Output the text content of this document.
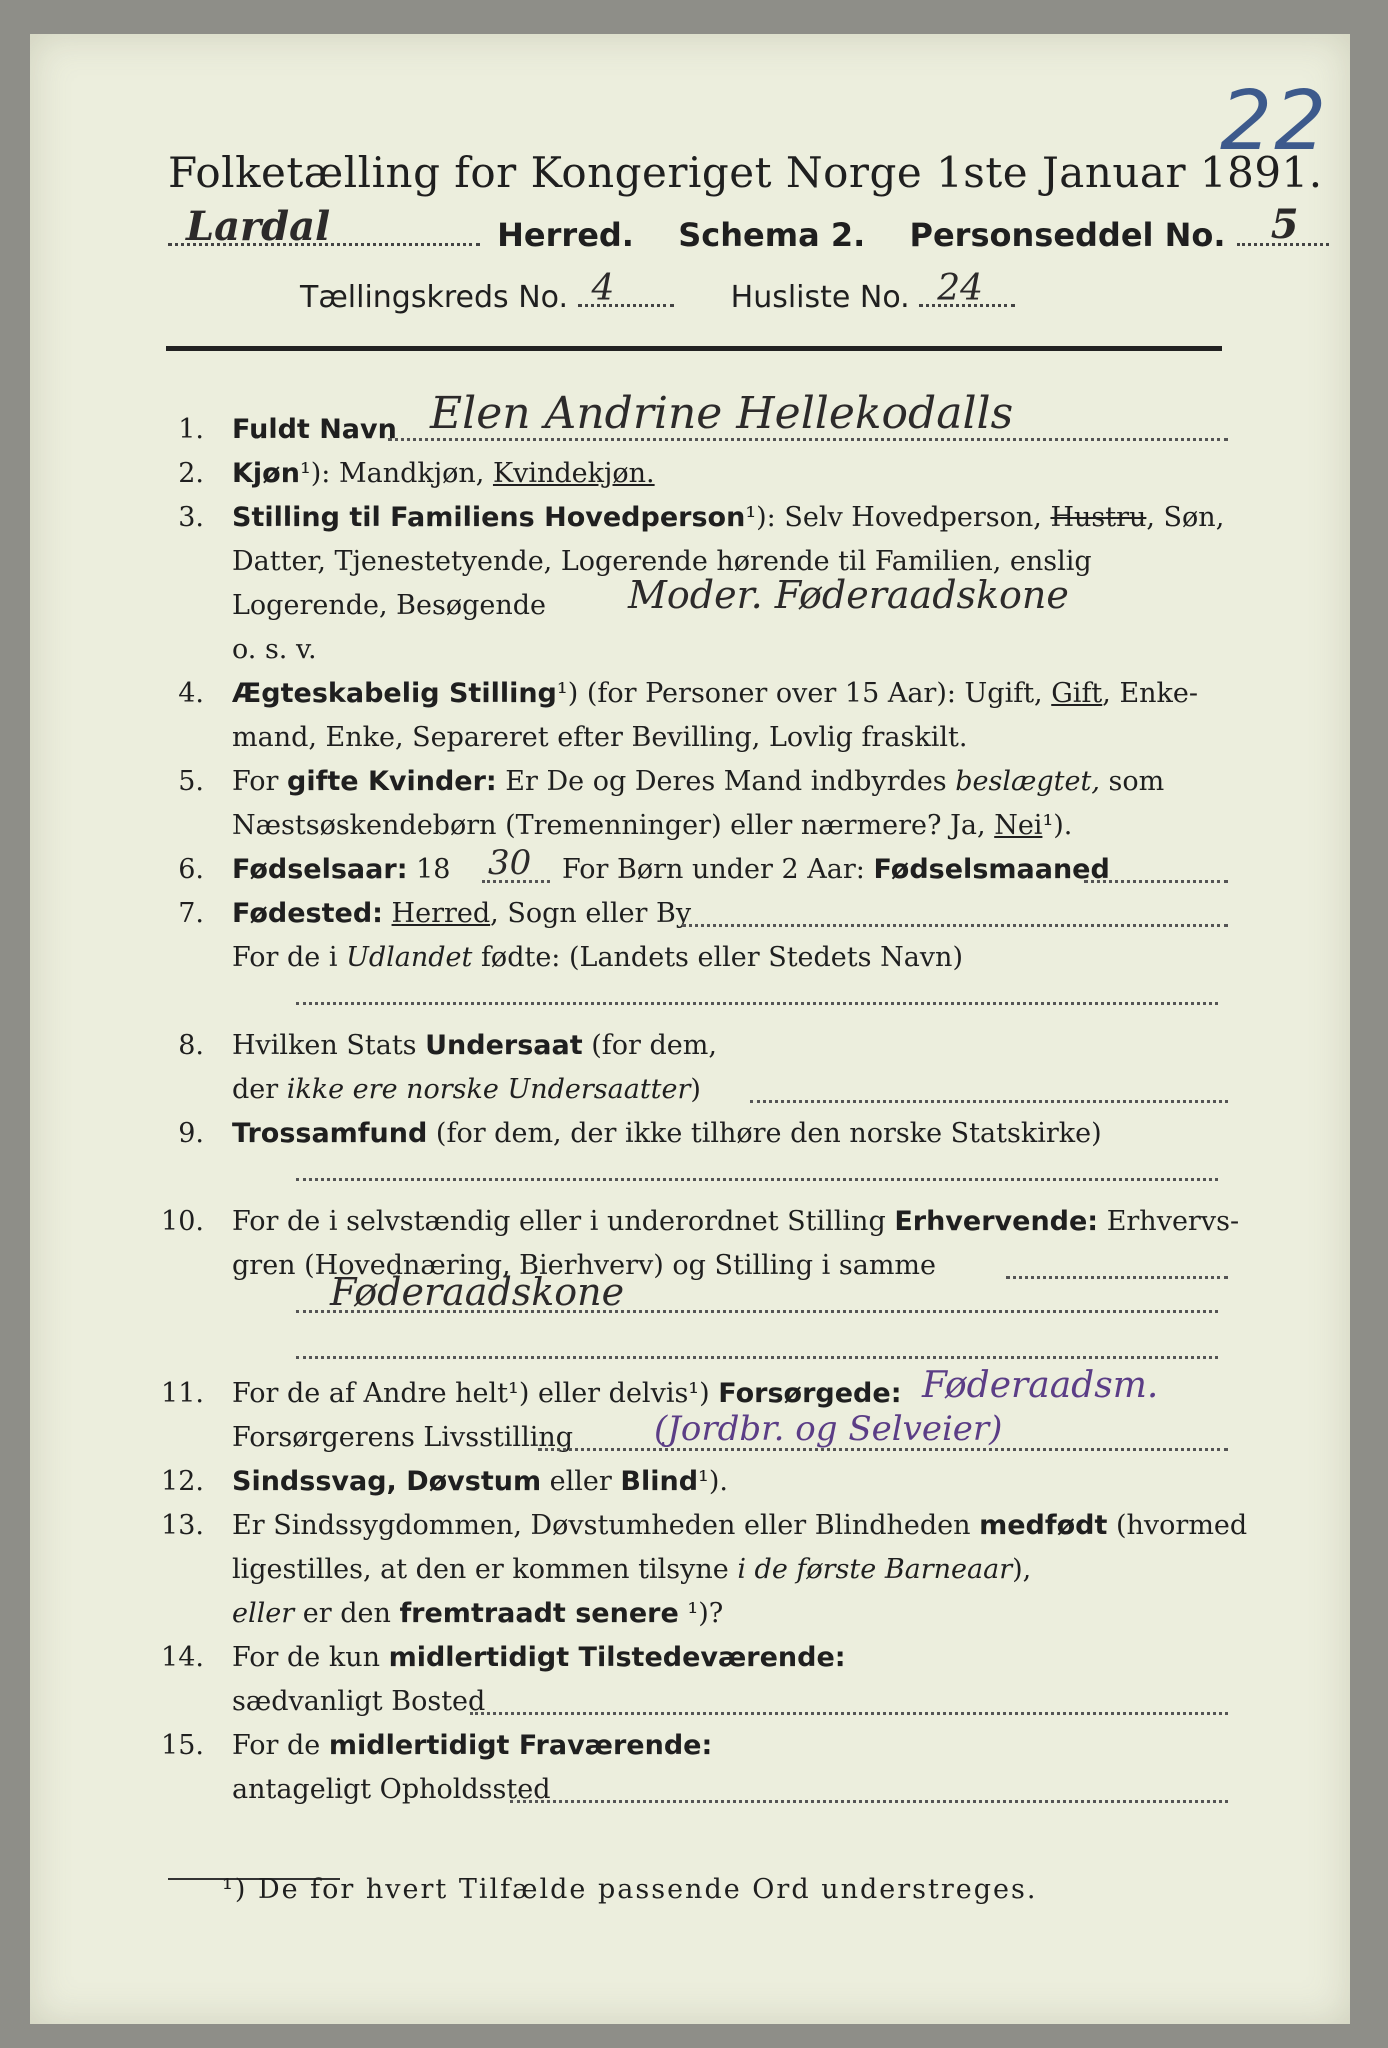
22
Folketælling for Kongeriget Norge 1ste Januar 1891.
Lardal	Herred. Schema 2. Personseddel No. 5
Tællingskreds No. 4	Husliste No. 24
1. Fuldt Navn Elen Andrine Hellekodalls
2. Kjøn¹): Mandkjøn, Kvindekjøn.
3. Stilling til Familiens Hovedperson¹): Selv Hovedperson, Hustru, Søn,
Datter, Tjenestetyende, Logerende hørende til Familien, enslig
Logerende, Besøgende Moder. Føderaadskone
o. s. v.
4. Ægteskabelig Stilling¹) (for Personer over 15 Aar): Ugift, Gift, Enke-
mand, Enke, Separeret efter Bevilling, Lovlig fraskilt.
5. For gifte Kvinder: Er De og Deres Mand indbyrdes beslægtet, som
Næstsøskendebørn (Tremenninger) eller nærmere? Ja, Nei¹).
6. Fødselsaar: 18 30 For Børn under 2 Aar: Fødselsmaaned
7. Fødested: Herred, Sogn eller By
For de i Udlandet fødte: (Landets eller Stedets Navn)
8. Hvilken Stats Undersaat (for dem,
der ikke ere norske Undersaatter)
9. Trossamfund (for dem, der ikke tilhøre den norske Statskirke)
10. For de i selvstændig eller i underordnet Stilling Erhvervende: Erhvervs-
gren (Hovednæring, Bierhverv) og Stilling i samme
Føderaadskone
11. For de af Andre helt¹) eller delvis¹) Forsørgede: Føderaadsm.
Forsørgerens Livsstilling (Jordbr. og Selveier)
12. Sindssvag, Døvstum eller Blind¹).
13. Er Sindssygdommen, Døvstumheden eller Blindheden medfødt (hvormed
ligestilles, at den er kommen tilsyne i de første Barneaar),
eller er den fremtraadt senere ¹)?
14. For de kun midlertidigt Tilstedeværende:
sædvanligt Bosted
15. For de midlertidigt Fraværende:
antageligt Opholdssted
¹) De for hvert Tilfælde passende Ord understreges.
